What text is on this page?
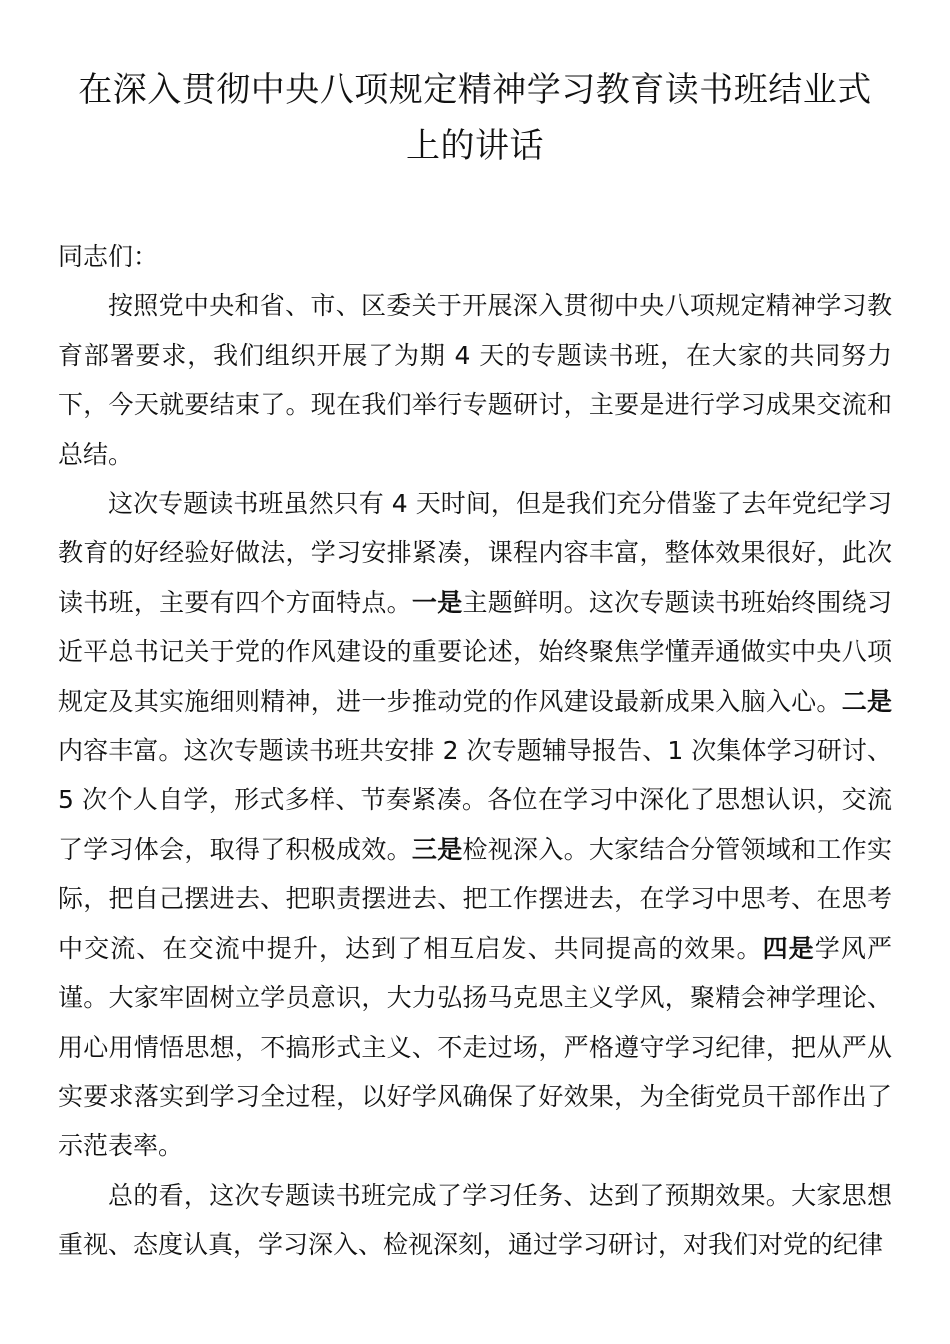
在深入贯彻中央八项规定精神学习教育读书班结业式上的讲话

同志们：

按照党中央和省、市、区委关于开展深入贯彻中央八项规定精神学习教育部署要求，我们组织开展了为期 4 天的专题读书班，在大家的共同努力下，今天就要结束了。现在我们举行专题研讨，主要是进行学习成果交流和总结。

这次专题读书班虽然只有 4 天时间，但是我们充分借鉴了去年党纪学习教育的好经验好做法，学习安排紧凑，课程内容丰富，整体效果很好，此次读书班，主要有四个方面特点。一是主题鲜明。这次专题读书班始终围绕习近平总书记关于党的作风建设的重要论述，始终聚焦学懂弄通做实中央八项规定及其实施细则精神，进一步推动党的作风建设最新成果入脑入心。二是内容丰富。这次专题读书班共安排 2 次专题辅导报告、1 次集体学习研讨、5 次个人自学，形式多样、节奏紧凑。各位在学习中深化了思想认识，交流了学习体会，取得了积极成效。三是检视深入。大家结合分管领域和工作实际，把自己摆进去、把职责摆进去、把工作摆进去，在学习中思考、在思考中交流、在交流中提升，达到了相互启发、共同提高的效果。四是学风严谨。大家牢固树立学员意识，大力弘扬马克思主义学风，聚精会神学理论、用心用情悟思想，不搞形式主义、不走过场，严格遵守学习纪律，把从严从实要求落实到学习全过程，以好学风确保了好效果，为全街党员干部作出了示范表率。

总的看，这次专题读书班完成了学习任务、达到了预期效果。大家思想重视、态度认真，学习深入、检视深刻，通过学习研讨，对我们对党的纪律
